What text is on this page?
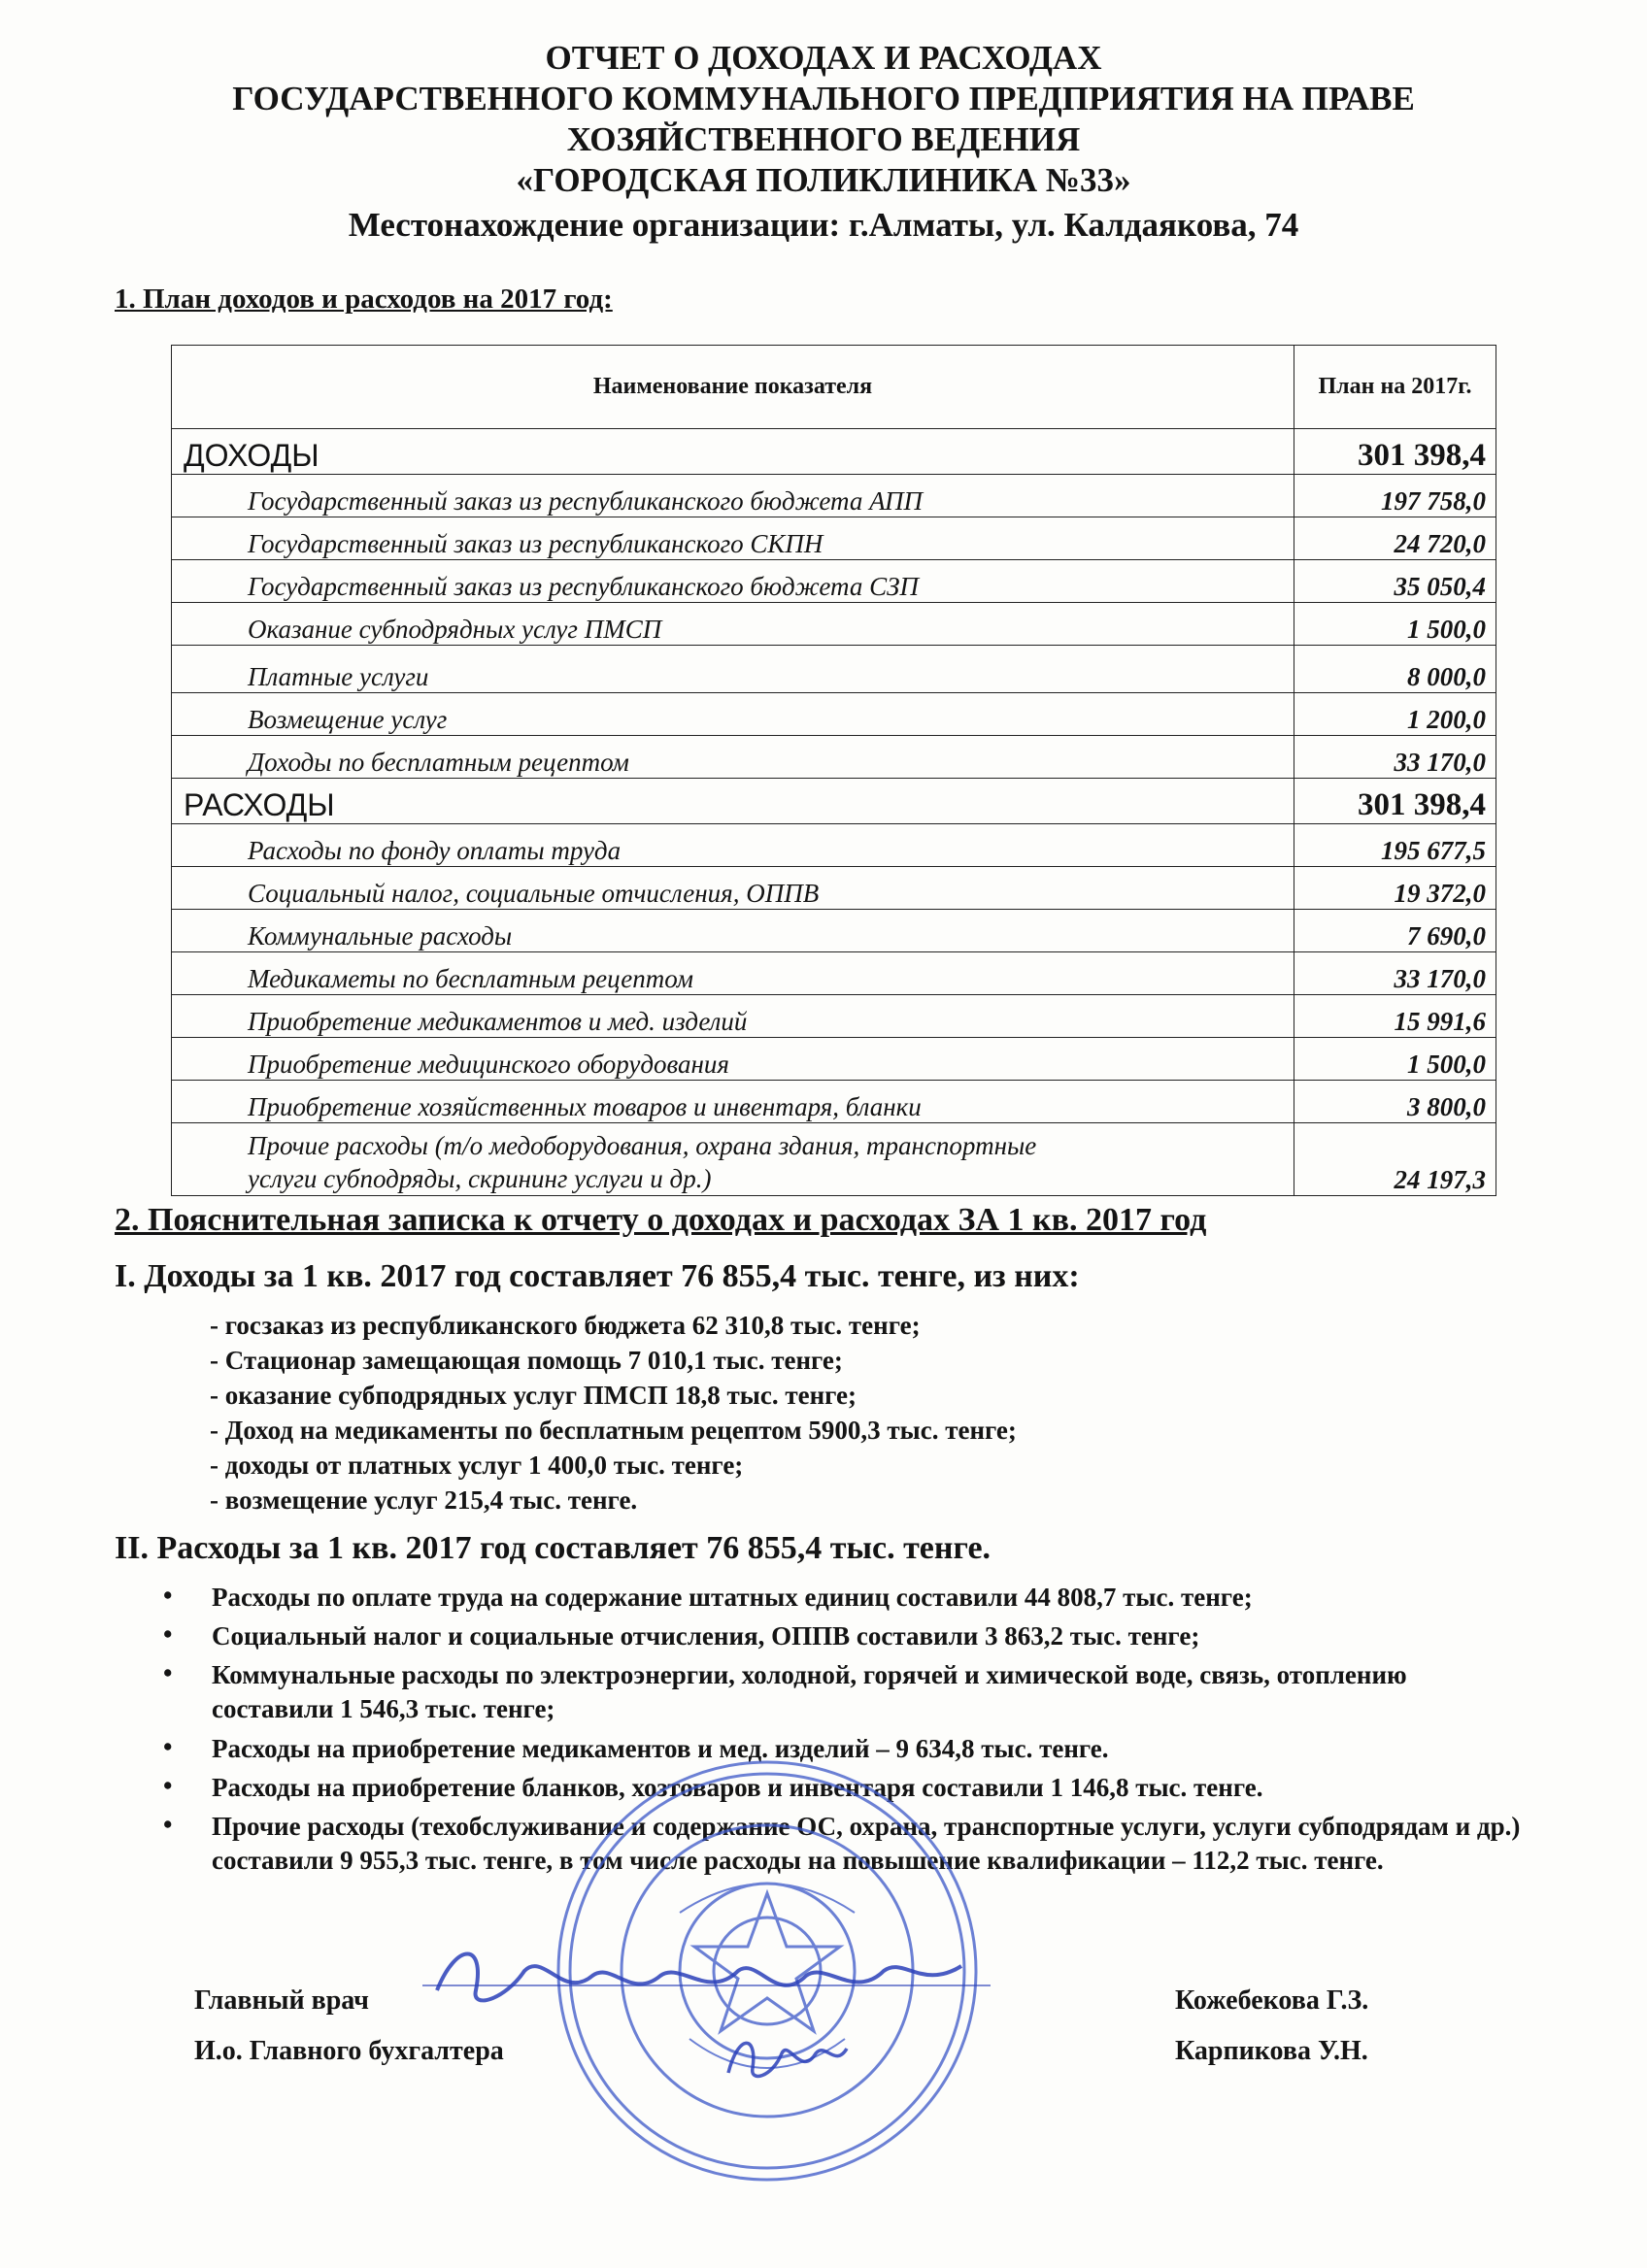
ОТЧЕТ О ДОХОДАХ И РАСХОДАХ
ГОСУДАРСТВЕННОГО КОММУНАЛЬНОГО ПРЕДПРИЯТИЯ НА ПРАВЕ
ХОЗЯЙСТВЕННОГО ВЕДЕНИЯ
«ГОРОДСКАЯ ПОЛИКЛИНИКА №33»
Местонахождение организации: г.Алматы, ул. Калдаякова, 74
1. План доходов и расходов на 2017 год:
Наименование показателя	План на 2017г.
ДОХОДЫ	301 398,4
Государственный заказ из республиканского бюджета АПП	197 758,0
Государственный заказ из республиканского СКПН	24 720,0
Государственный заказ из республиканского бюджета СЗП	35 050,4
Оказание субподрядных услуг ПМСП	1 500,0
Платные услуги	8 000,0
Возмещение услуг	1 200,0
Доходы по бесплатным рецептом	33 170,0
РАСХОДЫ	301 398,4
Расходы по фонду оплаты труда	195 677,5
Социальный налог, социальные отчисления, ОППВ	19 372,0
Коммунальные расходы	7 690,0
Медикаметы по бесплатным рецептом	33 170,0
Приобретение медикаментов и мед. изделий	15 991,6
Приобретение медицинского оборудования	1 500,0
Приобретение хозяйственных товаров и инвентаря, бланки	3 800,0
Прочие расходы (т/о медоборудования, охрана здания, транспортные
услуги субподряды, скрининг услуги и др.)	24 197,3
2. Пояснительная записка к отчету о доходах и расходах ЗА 1 кв. 2017 год
I. Доходы за 1 кв. 2017 год составляет 76 855,4 тыс. тенге, из них:
- госзаказ из республиканского бюджета 62 310,8 тыс. тенге;
- Стационар замещающая помощь 7 010,1 тыс. тенге;
- оказание субподрядных услуг ПМСП 18,8 тыс. тенге;
- Доход на медикаменты по бесплатным рецептом 5900,3 тыс. тенге;
- доходы от платных услуг 1 400,0 тыс. тенге;
- возмещение услуг 215,4 тыс. тенге.
II. Расходы за 1 кв. 2017 год составляет 76 855,4 тыс. тенге.
• Расходы по оплате труда на содержание штатных единиц составили 44 808,7 тыс. тенге;
• Социальный налог и социальные отчисления, ОППВ составили 3 863,2 тыс. тенге;
• Коммунальные расходы по электроэнергии, холодной, горячей и химической воде, связь, отоплению составили 1 546,3 тыс. тенге;
• Расходы на приобретение медикаментов и мед. изделий – 9 634,8 тыс. тенге.
• Расходы на приобретение бланков, хозтоваров и инвентаря составили 1 146,8 тыс. тенге.
• Прочие расходы (техобслуживание и содержание ОС, охрана, транспортные услуги, услуги субподрядам и др.) составили 9 955,3 тыс. тенге, в том числе расходы на повышение квалификации – 112,2 тыс. тенге.
Главный врач	Кожебекова Г.З.
И.о. Главного бухгалтера	Карпикова У.Н.
